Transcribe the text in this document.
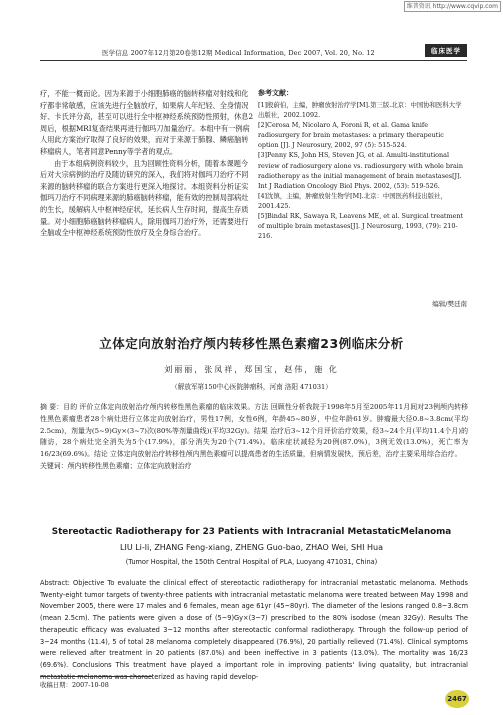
维普资讯 http://www.cqvip.com
医学信息 2007年12月第20卷第12期 Medical Information, Dec 2007, Vol. 20, No. 12	临床医学

疗，不能一概而论。因为来源于小细胞肺癌的脑转移瘤对射线和化疗都非常敏感，应该先进行全脑放疗，如果病人年纪轻、全身情况好、卡氏评分高，甚至可以进行全中枢神经系统预防性照射，休息2周后，根据MRI复查结果再进行伽玛刀加量治疗。本组中有一例病人用此方案治疗取得了良好的效果，而对于来源于肺腺、鳞癌脑转移瘤病人，笔者同意Penny等学者的观点。

由于本组病例资料较少，且为回顾性资料分析，随着本课题今后对大宗病例的治疗及随访研究的深入，我们将对伽玛刀治疗不同来源的脑转移瘤的联合方案进行更深入地探讨。本组资料分析证实伽玛刀治疗不同病理来源的肺癌脑转移瘤，能有效的控制局部病灶的生长，缓解病人中枢神经症状，延长病人生存时间，提高生存质量。对小细胞肺癌脑转移瘤病人，除用伽玛刀治疗外，还需要进行全脑或全中枢神经系统预防性放疗及全身综合治疗。

参考文献：

[1]殷蔚伯，主编，肿瘤放射治疗学[M].第三版.北京：中国协和医科大学出版社，2002.1092.

[2]Cerosa M, Nicolaro A, Foroni R, et al. Gama knife radiosurgery for brain metastases: a primary therapeutic option [J]. J Neurosury, 2002, 97 (5): 515-524.

[3]Penny KS, John HS, Steven JG, et al. Amulti-institutional review of radiosurgery alone vs. radiosurgery with whole brain radiotherapy as the initial management of brain metastases[J]. Int J Radiation Oncology Biol Phys. 2002, (53): 519-526.

[4]沈镇，主编，肿瘤放射生物学[M].北京：中国医药科技出版社，2001.425.

[5]Bindal RK, Sawaya R, Leavens ME, et al. Surgical treatment of multiple brain metastases[J]. J Neurosurg, 1993, (79): 210-216.

编辑/樊廷南
立体定向放射治疗颅内转移性黑色素瘤23例临床分析
刘丽丽，张凤祥，郑国宝，赵伟，施 化
（解放军第150中心医院肿瘤科，河南 洛阳 471031）

摘 要：目的 评价立体定向放射治疗颅内转移性黑色素瘤的临床效果。方法 回顾性分析我院于1998年5月至2005年11月间对23例颅内转移性黑色素瘤患者28个病灶进行立体定向放射治疗，男性17例，女性6例，年龄45~80岁，中位年龄61岁。肿瘤最大径0.8~3.8cm(平均2.5cm)，剂量为(5~9)Gy×(3~7)次(80%等剂量曲线)(平均32Gy)。结果 治疗后3~12个月评价治疗效果，经3~24个月(平均11.4个月)的随访，28个病灶完全消失为5个(17.9%)，部分消失为20个(71.4%)。临床症状减轻为20例(87.0%)，3例无效(13.0%)，死亡率为16/23(69.6%)。结论 立体定向放射治疗转移性颅内黑色素瘤可以提高患者的生活质量，但病情发展快，预后差，治疗主要采用综合治疗。

关键词：颅内转移性黑色素瘤；立体定向放射治疗

Stereotactic Radiotherapy for 23 Patients with Intracranial MetastaticMelanoma
LIU Li-li, ZHANG Feng-xiang, ZHENG Guo-bao, ZHAO Wei, SHI Hua
(Tumor Hospital, the 150th Central Hospital of PLA, Luoyang 471031, China)

Abstract: Objective To evaluate the clinical effect of stereotactic radiotherapy for intracranial metastatic melanoma. Methods Twenty-eight tumor targets of twenty-three patients with intracranial metastatic melanoma were treated between May 1998 and November 2005, there were 17 males and 6 females, mean age 61yr (45~80yr). The diameter of the lesions ranged 0.8~3.8cm (mean 2.5cm). The patients were given a dose of (5~9)Gy×(3~7) prescribed to the 80% isodose (mean 32Gy). Results The therapeutic efficacy was evaluated 3~12 months after stereotactic conformal radiotherapy. Through the follow-up period of 3~24 months (11.4), 5 of total 28 melanoma completely disappeared (76.9%), 20 partially relieved (71.4%). Clinical symptoms were relieved after treatment in 20 patients (87.0%) and been ineffective in 3 patients (13.0%). The mortality was 16/23 (69.6%). Conclusions This treatment have played a important role in improving patients' living quatality, but intracranial metastatic melanoma was characterized as having rapid develop-

收稿日期：2007-10-08
2467
